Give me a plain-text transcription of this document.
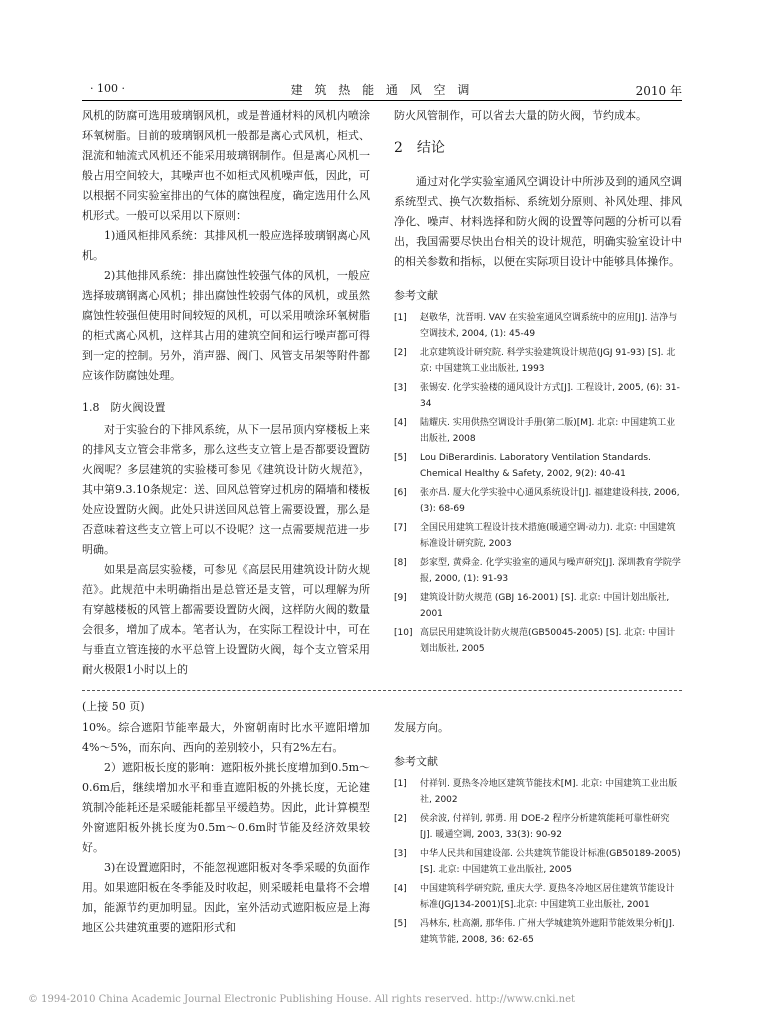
· 100 ·	建 筑 热 能 通 风 空 调	2010 年

风机的防腐可选用玻璃钢风机，或是普通材料的风机内喷涂环氧树脂。目前的玻璃钢风机一般都是离心式风机，柜式、混流和轴流式风机还不能采用玻璃钢制作。但是离心风机一般占用空间较大，其噪声也不如柜式风机噪声低，因此，可以根据不同实验室排出的气体的腐蚀程度，确定选用什么风机形式。一般可以采用以下原则：

1)通风柜排风系统：其排风机一般应选择玻璃钢离心风机。

2)其他排风系统：排出腐蚀性较强气体的风机，一般应选择玻璃钢离心风机；排出腐蚀性较弱气体的风机，或虽然腐蚀性较强但使用时间较短的风机，可以采用喷涂环氧树脂的柜式离心风机，这样其占用的建筑空间和运行噪声都可得到一定的控制。另外，消声器、阀门、风管支吊架等附件都应该作防腐蚀处理。

1.8　防火阀设置

对于实验台的下排风系统，从下一层吊顶内穿楼板上来的排风支立管会非常多，那么这些支立管上是否都要设置防火阀呢？多层建筑的实验楼可参见《建筑设计防火规范》，其中第9.3.10条规定：送、回风总管穿过机房的隔墙和楼板处应设置防火阀。此处只讲送回风总管上需要设置，那么是否意味着这些支立管上可以不设呢？这一点需要规范进一步明确。

如果是高层实验楼，可参见《高层民用建筑设计防火规范》。此规范中未明确指出是总管还是支管，可以理解为所有穿越楼板的风管上都需要设置防火阀，这样防火阀的数量会很多，增加了成本。笔者认为，在实际工程设计中，可在与垂直立管连接的水平总管上设置防火阀，每个支立管采用耐火极限1小时以上的

防火风管制作，可以省去大量的防火阀，节约成本。

2　结论

通过对化学实验室通风空调设计中所涉及到的通风空调系统型式、换气次数指标、系统划分原则、补风处理、排风净化、噪声、材料选择和防火阀的设置等问题的分析可以看出，我国需要尽快出台相关的设计规范，明确实验室设计中的相关参数和指标，以便在实际项目设计中能够具体操作。

参考文献
[1] 赵敬华，沈晋明. VAV 在实验室通风空调系统中的应用[J]. 洁净与空调技术, 2004, (1): 45-49
[2] 北京建筑设计研究院. 科学实验建筑设计规范(JGJ 91-93) [S]. 北京: 中国建筑工业出版社, 1993
[3] 张锡安. 化学实验楼的通风设计方式[J]. 工程设计, 2005, (6): 31-34
[4] 陆耀庆. 实用供热空调设计手册(第二版)[M]. 北京: 中国建筑工业出版社, 2008
[5] Lou DiBerardinis. Laboratory Ventilation Standards. Chemical Healthy & Safety, 2002, 9(2): 40-41
[6] 张亦昌. 厦大化学实验中心通风系统设计[J]. 福建建设科技, 2006, (3): 68-69
[7] 全国民用建筑工程设计技术措施(暖通空调·动力). 北京: 中国建筑标准设计研究院, 2003
[8] 彭家型, 黄舜金. 化学实验室的通风与噪声研究[J]. 深圳教育学院学报, 2000, (1): 91-93
[9] 建筑设计防火规范 (GBJ 16-2001) [S]. 北京: 中国计划出版社, 2001
[10] 高层民用建筑设计防火规范(GB50045-2005) [S]. 北京: 中国计划出版社, 2005
(上接 50 页)

10%。综合遮阳节能率最大，外窗朝南时比水平遮阳增加4%～5%，而东向、西向的差别较小，只有2%左右。

2）遮阳板长度的影响：遮阳板外挑长度增加到0.5m～0.6m后，继续增加水平和垂直遮阳板的外挑长度，无论建筑制冷能耗还是采暖能耗都呈平缓趋势。因此，此计算模型外窗遮阳板外挑长度为0.5m～0.6m时节能及经济效果较好。

3)在设置遮阳时，不能忽视遮阳板对冬季采暖的负面作用。如果遮阳板在冬季能及时收起，则采暖耗电量将不会增加，能源节约更加明显。因此，室外活动式遮阳板应是上海地区公共建筑重要的遮阳形式和

发展方向。

参考文献
[1] 付祥钊. 夏热冬冷地区建筑节能技术[M]. 北京: 中国建筑工业出版社, 2002
[2] 侯余波, 付祥钊, 郭勇. 用 DOE-2 程序分析建筑能耗可靠性研究[J]. 暖通空调, 2003, 33(3): 90-92
[3] 中华人民共和国建设部. 公共建筑节能设计标准(GB50189-2005)[S]. 北京: 中国建筑工业出版社, 2005
[4] 中国建筑科学研究院, 重庆大学. 夏热冬冷地区居住建筑节能设计标准(JGJ134-2001)[S].北京: 中国建筑工业出版社, 2001
[5] 冯林东, 杜高潮, 那华伟. 广州大学城建筑外遮阳节能效果分析[J]. 建筑节能, 2008, 36: 62-65
© 1994-2010 China Academic Journal Electronic Publishing House. All rights reserved. http://www.cnki.net
